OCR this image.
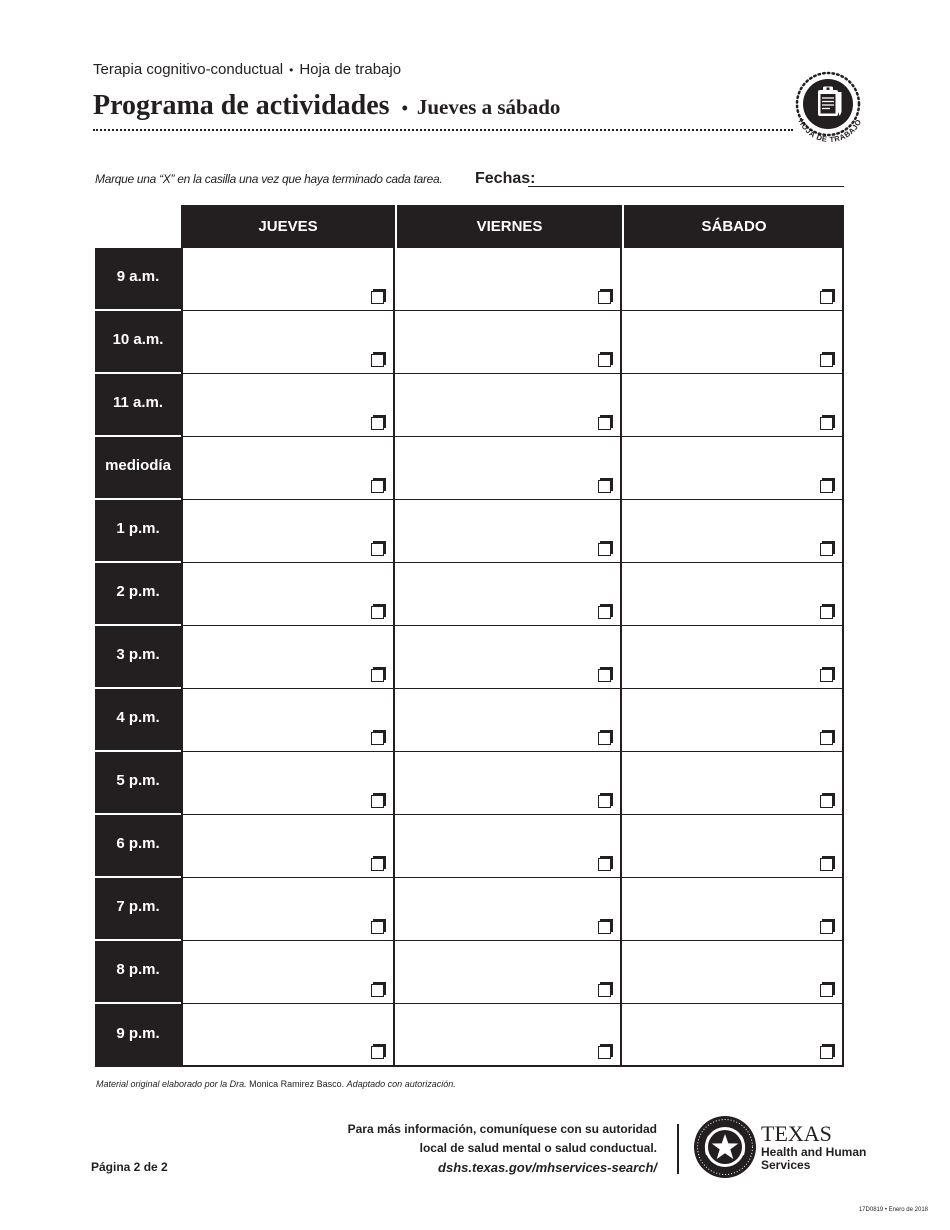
Terapia cognitivo-conductual • Hoja de trabajo
Programa de actividades • Jueves a sábado
HOJA DE TRABAJO
Marque una “X” en la casilla una vez que haya terminado cada tarea. Fechas:
JUEVES	VIERNES	SÁBADO
9 a.m.
10 a.m.
11 a.m.
mediodía
1 p.m.
2 p.m.
3 p.m.
4 p.m.
5 p.m.
6 p.m.
7 p.m.
8 p.m.
9 p.m.
Material original elaborado por la Dra. Monica Ramirez Basco. Adaptado con autorización.
Para más información, comuníquese con su autoridad
local de salud mental o salud conductual.
dshs.texas.gov/mhservices-search/
TEXAS
Health and Human
Services
Página 2 de 2
17D0819 • Enero de 2018
